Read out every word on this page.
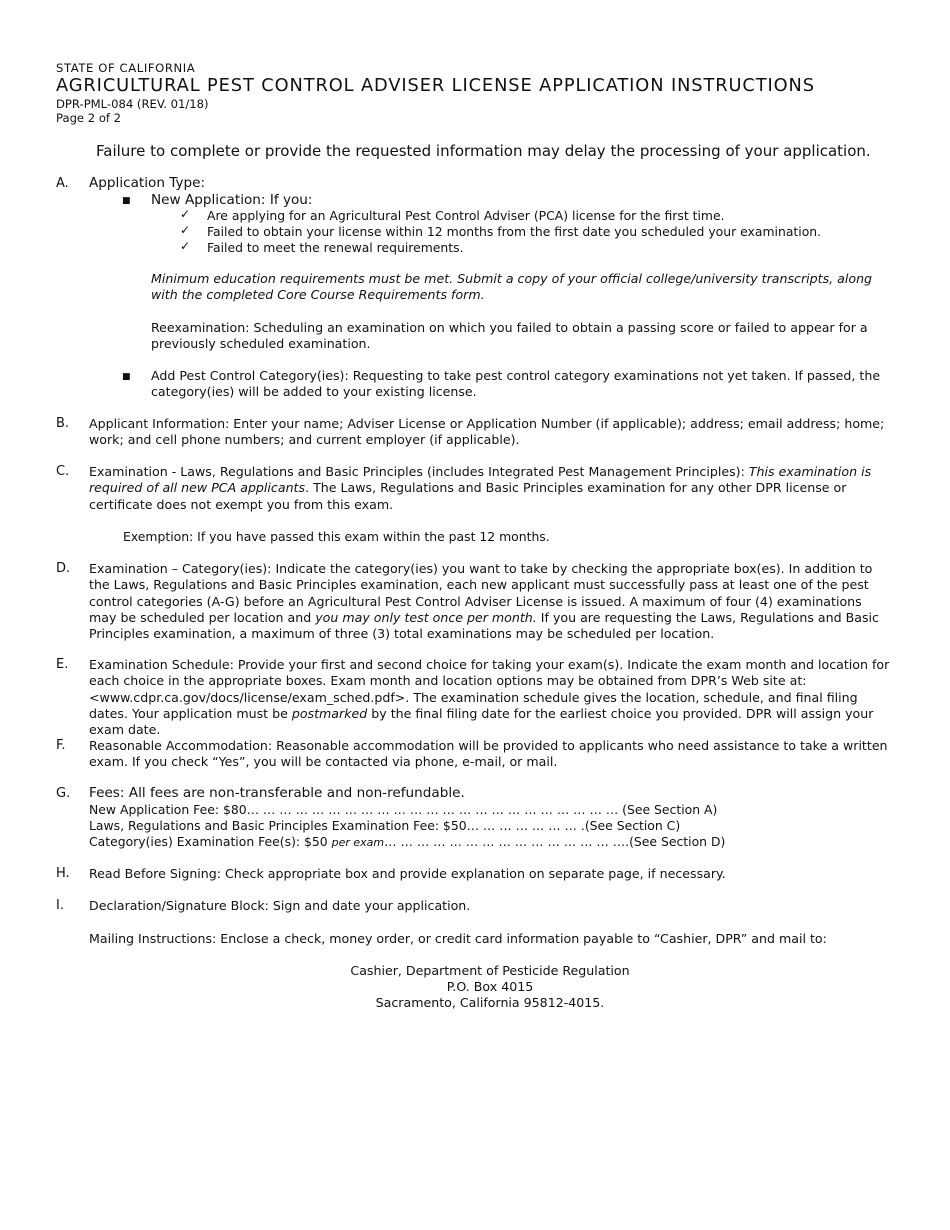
STATE OF CALIFORNIA
AGRICULTURAL PEST CONTROL ADVISER LICENSE APPLICATION INSTRUCTIONS
DPR-PML-084 (REV. 01/18)
Page 2 of 2
Failure to complete or provide the requested information may delay the processing of your application.
A. Application Type:
■ New Application: If you:
✓ Are applying for an Agricultural Pest Control Adviser (PCA) license for the first time.
✓ Failed to obtain your license within 12 months from the first date you scheduled your examination.
✓ Failed to meet the renewal requirements.

Minimum education requirements must be met. Submit a copy of your official college/university transcripts, along with the completed Core Course Requirements form.

Reexamination: Scheduling an examination on which you failed to obtain a passing score or failed to appear for a previously scheduled examination.

■ Add Pest Control Category(ies): Requesting to take pest control category examinations not yet taken. If passed, the category(ies) will be added to your existing license.

B. Applicant Information: Enter your name; Adviser License or Application Number (if applicable); address; email address; home; work; and cell phone numbers; and current employer (if applicable).

C. Examination - Laws, Regulations and Basic Principles (includes Integrated Pest Management Principles): This examination is required of all new PCA applicants. The Laws, Regulations and Basic Principles examination for any other DPR license or certificate does not exempt you from this exam.

Exemption: If you have passed this exam within the past 12 months.
D. Examination – Category(ies): Indicate the category(ies) you want to take by checking the appropriate box(es). In addition to the Laws, Regulations and Basic Principles examination, each new applicant must successfully pass at least one of the pest control categories (A-G) before an Agricultural Pest Control Adviser License is issued. A maximum of four (4) examinations may be scheduled per location and you may only test once per month. If you are requesting the Laws, Regulations and Basic Principles examination, a maximum of three (3) total examinations may be scheduled per location.

E. Examination Schedule: Provide your first and second choice for taking your exam(s). Indicate the exam month and location for each choice in the appropriate boxes. Exam month and location options may be obtained from DPR’s Web site at: <www.cdpr.ca.gov/docs/license/exam_sched.pdf>. The examination schedule gives the location, schedule, and final filing dates. Your application must be postmarked by the final filing date for the earliest choice you provided. DPR will assign your exam date.

F. Reasonable Accommodation: Reasonable accommodation will be provided to applicants who need assistance to take a written exam. If you check “Yes”, you will be contacted via phone, e-mail, or mail.

G. Fees: All fees are non-transferable and non-refundable.
New Application Fee: $80… … … … … … … … … … … … … … … … … … … … … … … (See Section A)
Laws, Regulations and Basic Principles Examination Fee: $50… … … … … … … .(See Section C)
Category(ies) Examination Fee(s): $50 per exam… … … … … … … … … … … … … … ….(See Section D)
H. Read Before Signing: Check appropriate box and provide explanation on separate page, if necessary.
I. Declaration/Signature Block: Sign and date your application.
Mailing Instructions: Enclose a check, money order, or credit card information payable to “Cashier, DPR” and mail to:
Cashier, Department of Pesticide Regulation
P.O. Box 4015
Sacramento, California 95812-4015.
